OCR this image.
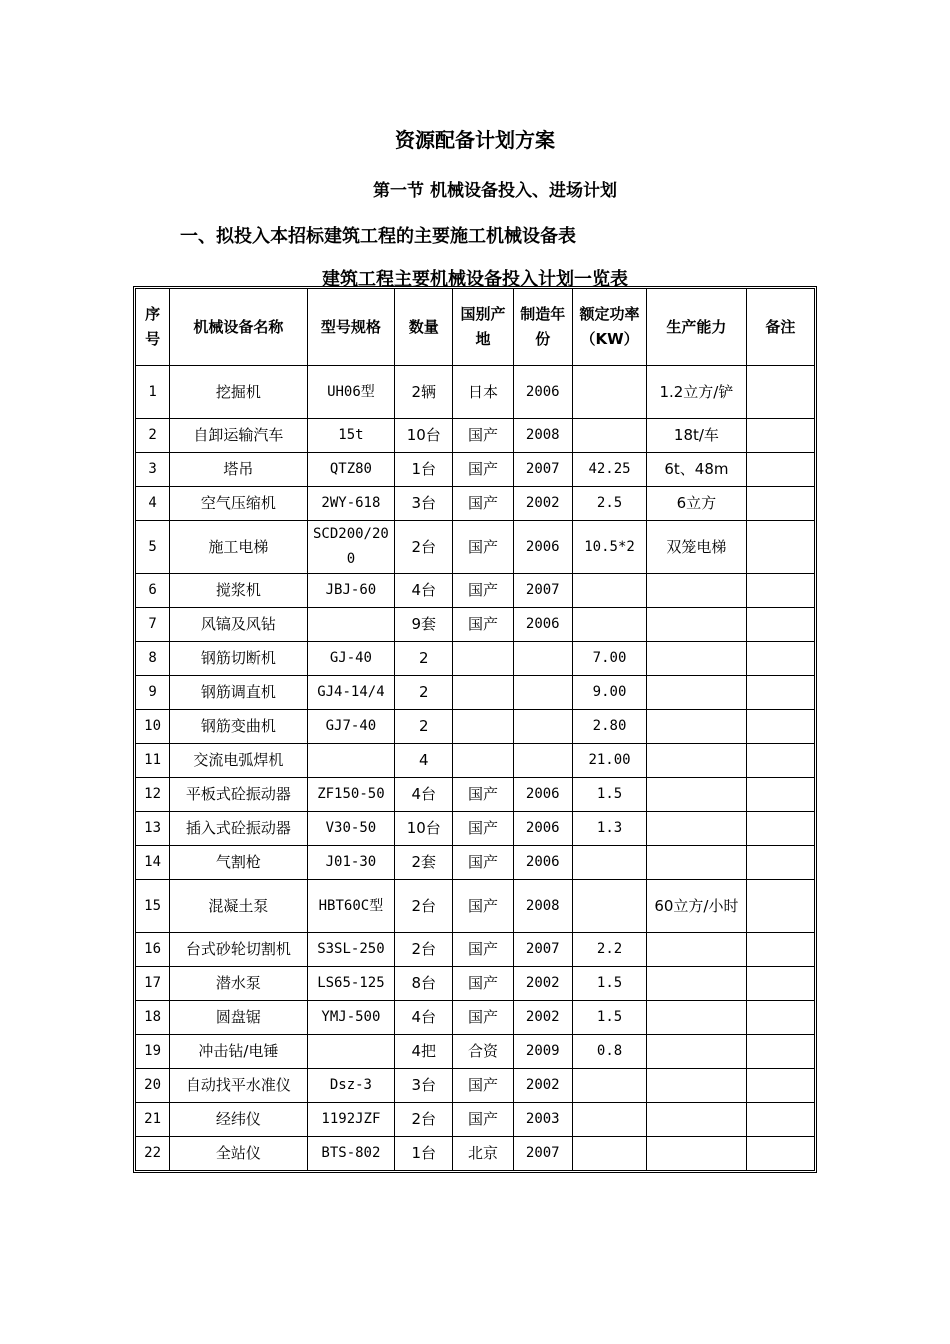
资源配备计划方案
第一节 机械设备投入、进场计划
一、拟投入本招标建筑工程的主要施工机械设备表
建筑工程主要机械设备投入计划一览表
序号	机械设备名称	型号规格	数量	国别产地	制造年份	额定功率（KW）	生产能力	备注
1	挖掘机	UH06型	2辆	日本	2006		1.2立方/铲	
2	自卸运输汽车	15t	10台	国产	2008		18t/车	
3	塔吊	QTZ80	1台	国产	2007	42.25	6t、48m	
4	空气压缩机	2WY-618	3台	国产	2002	2.5	6立方	
5	施工电梯	SCD200/200	2台	国产	2006	10.5*2	双笼电梯	
6	搅浆机	JBJ-60	4台	国产	2007			
7	风镐及风钻		9套	国产	2006			
8	钢筋切断机	GJ-40	2			7.00		
9	钢筋调直机	GJ4-14/4	2			9.00		
10	钢筋变曲机	GJ7-40	2			2.80		
11	交流电弧焊机		4			21.00		
12	平板式砼振动器	ZF150-50	4台	国产	2006	1.5		
13	插入式砼振动器	V30-50	10台	国产	2006	1.3		
14	气割枪	J01-30	2套	国产	2006			
15	混凝土泵	HBT60C型	2台	国产	2008		60立方/小时	
16	台式砂轮切割机	S3SL-250	2台	国产	2007	2.2		
17	潜水泵	LS65-125	8台	国产	2002	1.5		
18	圆盘锯	YMJ-500	4台	国产	2002	1.5		
19	冲击钻/电锤		4把	合资	2009	0.8		
20	自动找平水准仪	Dsz-3	3台	国产	2002			
21	经纬仪	1192JZF	2台	国产	2003			
22	全站仪	BTS-802	1台	北京	2007			
